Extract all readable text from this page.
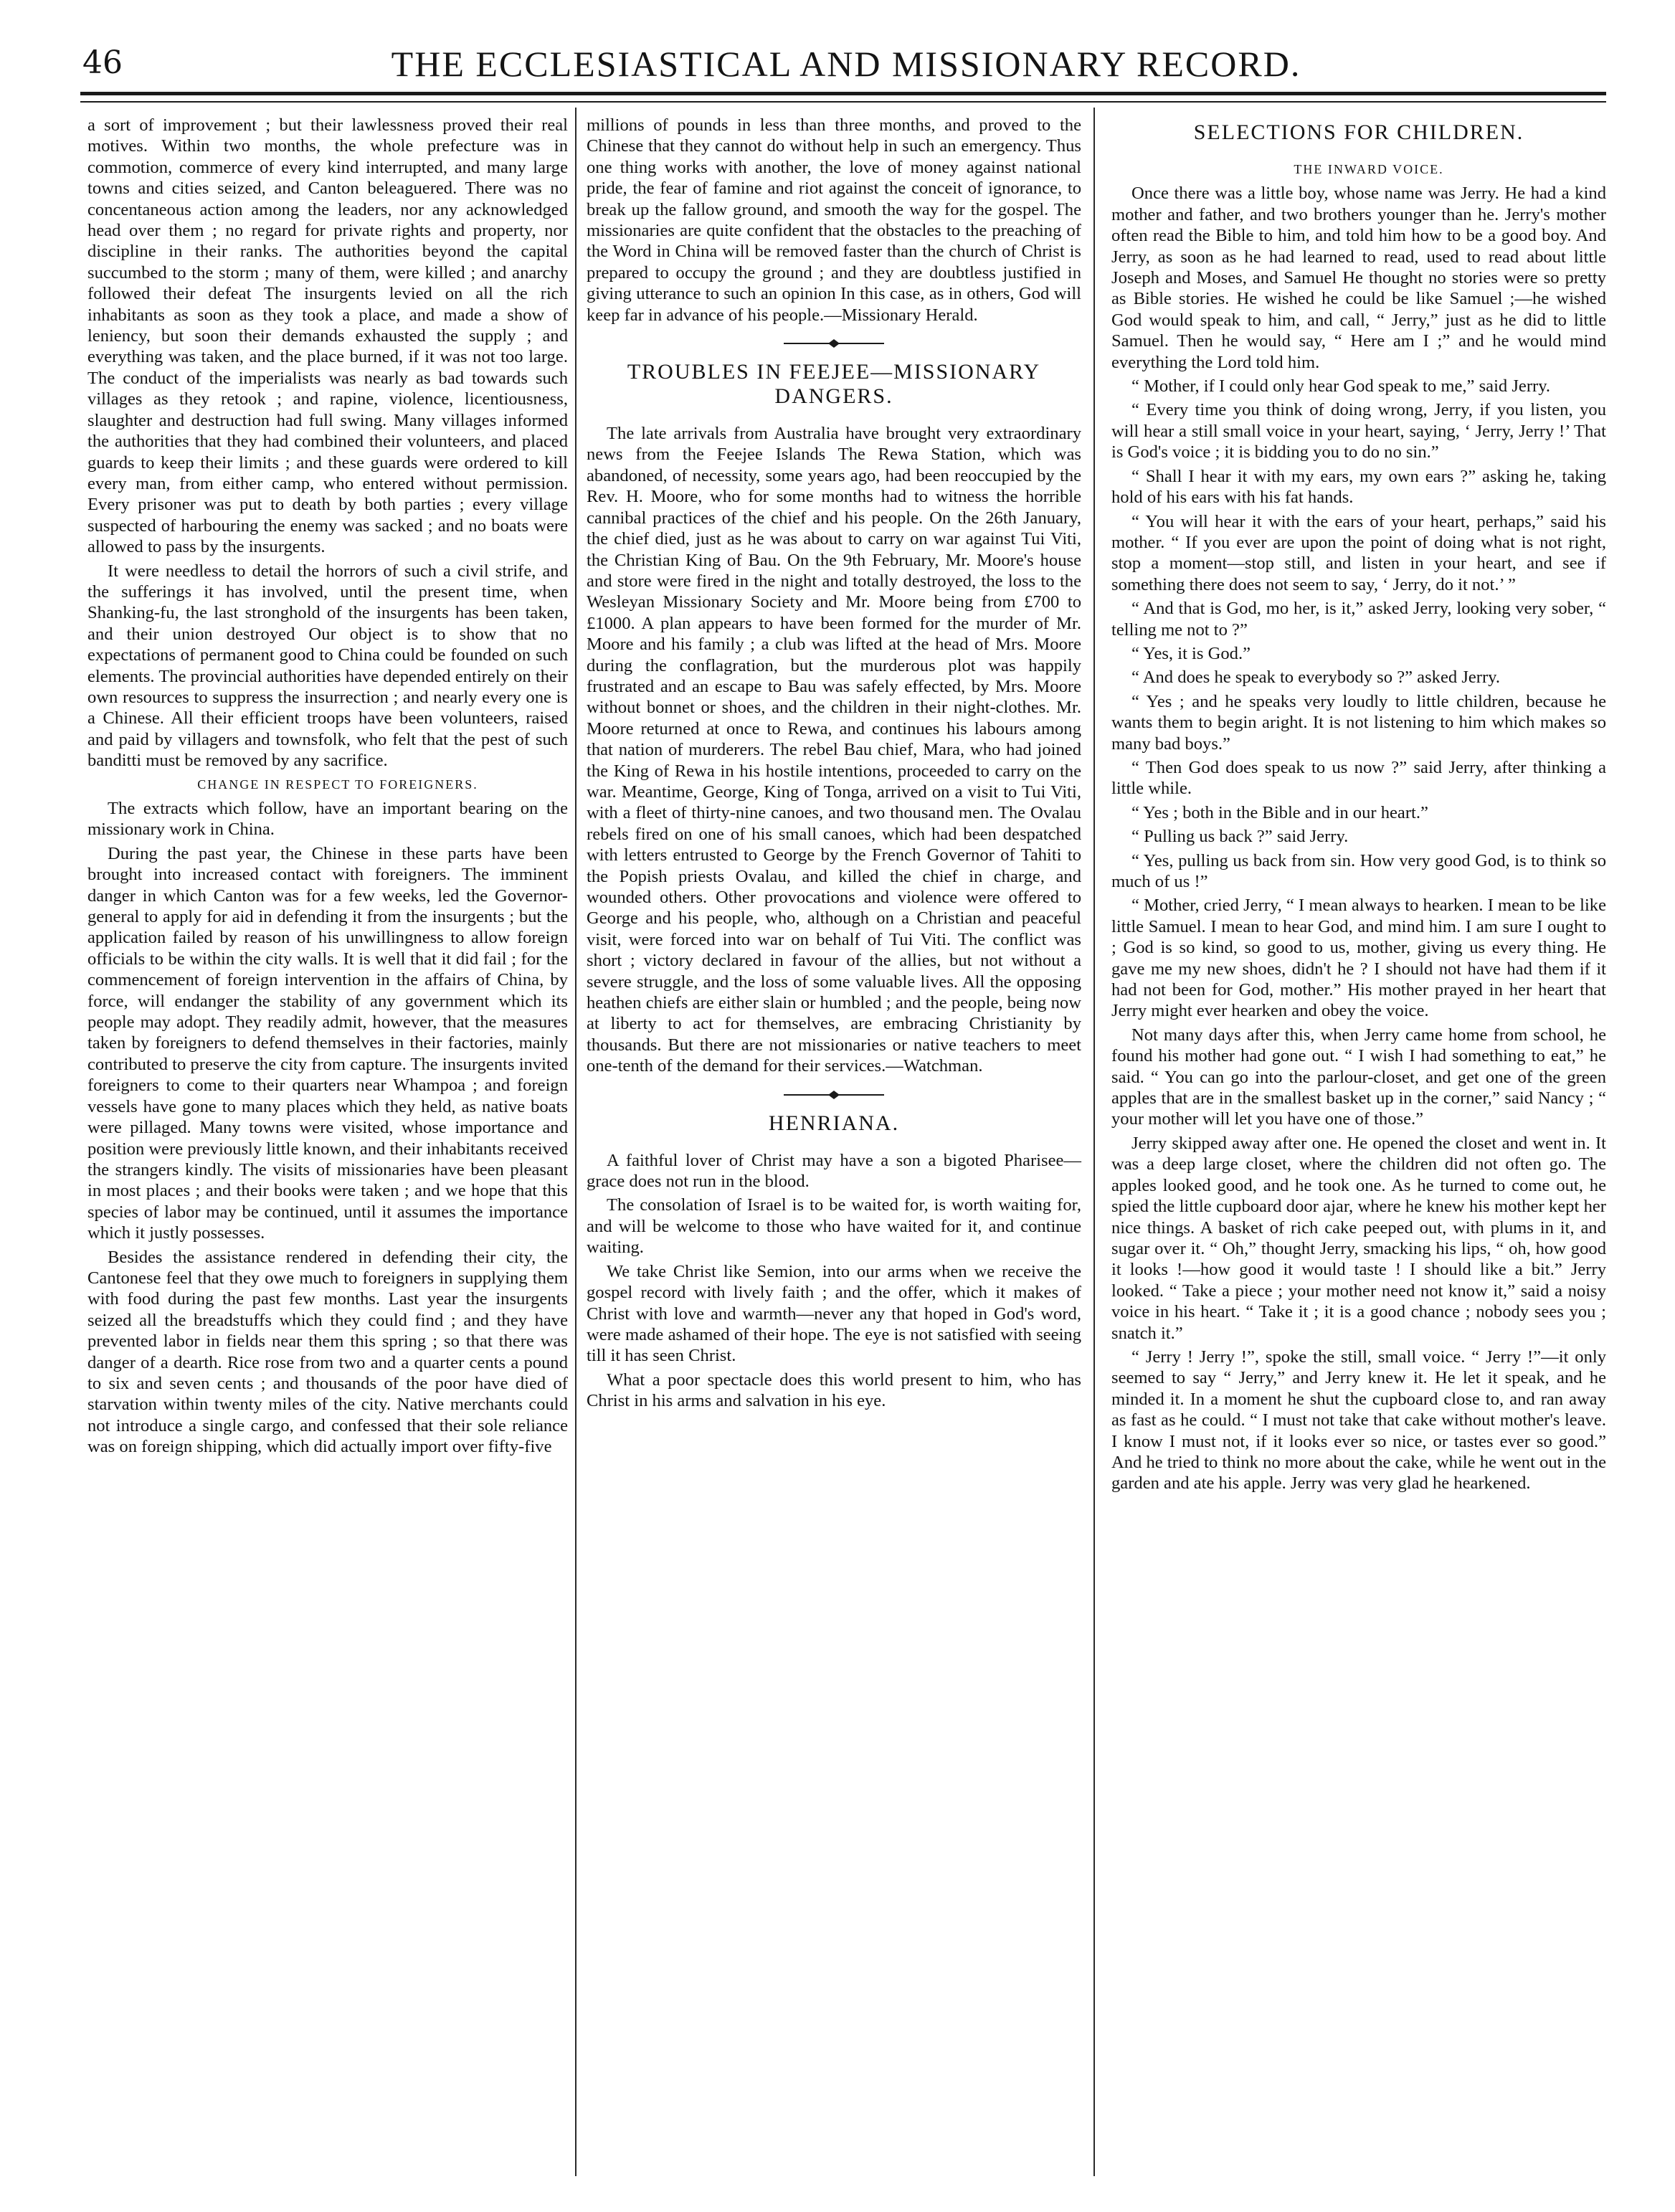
46	THE ECCLESIASTICAL AND MISSIONARY RECORD.

a sort of improvement ; but their lawlessness proved their real motives. Within two months, the whole prefecture was in commotion, commerce of every kind interrupted, and many large towns and cities seized, and Canton beleaguered. There was no concentaneous action among the leaders, nor any acknowledged head over them ; no regard for private rights and property, nor discipline in their ranks. The authorities beyond the capital succumbed to the storm ; many of them, were killed ; and anarchy followed their defeat The insurgents levied on all the rich inhabitants as soon as they took a place, and made a show of leniency, but soon their demands exhausted the supply ; and everything was taken, and the place burned, if it was not too large. The conduct of the imperialists was nearly as bad towards such villages as they retook ; and rapine, violence, licentiousness, slaughter and destruction had full swing. Many villages informed the authorities that they had combined their volunteers, and placed guards to keep their limits ; and these guards were ordered to kill every man, from either camp, who entered without permission. Every prisoner was put to death by both parties ; every village suspected of harbouring the enemy was sacked ; and no boats were allowed to pass by the insurgents.

It were needless to detail the horrors of such a civil strife, and the sufferings it has involved, until the present time, when Shanking-fu, the last stronghold of the insurgents has been taken, and their union destroyed Our object is to show that no expectations of permanent good to China could be founded on such elements. The provincial authorities have depended entirely on their own resources to suppress the insurrection ; and nearly every one is a Chinese. All their efficient troops have been volunteers, raised and paid by villagers and townsfolk, who felt that the pest of such banditti must be removed by any sacrifice.

CHANGE IN RESPECT TO FOREIGNERS.

The extracts which follow, have an important bearing on the missionary work in China.

During the past year, the Chinese in these parts have been brought into increased contact with foreigners. The imminent danger in which Canton was for a few weeks, led the Governor-general to apply for aid in defending it from the insurgents ; but the application failed by reason of his unwillingness to allow foreign officials to be within the city walls. It is well that it did fail ; for the commencement of foreign intervention in the affairs of China, by force, will endanger the stability of any government which its people may adopt. They readily admit, however, that the measures taken by foreigners to defend themselves in their factories, mainly contributed to preserve the city from capture. The insurgents invited foreigners to come to their quarters near Whampoa ; and foreign vessels have gone to many places which they held, as native boats were pillaged. Many towns were visited, whose importance and position were previously little known, and their inhabitants received the strangers kindly. The visits of missionaries have been pleasant in most places ; and their books were taken ; and we hope that this species of labor may be continued, until it assumes the importance which it justly possesses.

Besides the assistance rendered in defending their city, the Cantonese feel that they owe much to foreigners in supplying them with food during the past few months. Last year the insurgents seized all the breadstuffs which they could find ; and they have prevented labor in fields near them this spring ; so that there was danger of a dearth. Rice rose from two and a quarter cents a pound to six and seven cents ; and thousands of the poor have died of starvation within twenty miles of the city. Native merchants could not introduce a single cargo, and confessed that their sole reliance was on foreign shipping, which did actually import over fifty-five

millions of pounds in less than three months, and proved to the Chinese that they cannot do without help in such an emergency. Thus one thing works with another, the love of money against national pride, the fear of famine and riot against the conceit of ignorance, to break up the fallow ground, and smooth the way for the gospel. The missionaries are quite confident that the obstacles to the preaching of the Word in China will be removed faster than the church of Christ is prepared to occupy the ground ; and they are doubtless justified in giving utterance to such an opinion In this case, as in others, God will keep far in advance of his people.—Missionary Herald.

TROUBLES IN FEEJEE—MISSIONARY DANGERS.

The late arrivals from Australia have brought very extraordinary news from the Feejee Islands The Rewa Station, which was abandoned, of necessity, some years ago, had been reoccupied by the Rev. H. Moore, who for some months had to witness the horrible cannibal practices of the chief and his people. On the 26th January, the chief died, just as he was about to carry on war against Tui Viti, the Christian King of Bau. On the 9th February, Mr. Moore's house and store were fired in the night and totally destroyed, the loss to the Wesleyan Missionary Society and Mr. Moore being from £700 to £1000. A plan appears to have been formed for the murder of Mr. Moore and his family ; a club was lifted at the head of Mrs. Moore during the conflagration, but the murderous plot was happily frustrated and an escape to Bau was safely effected, by Mrs. Moore without bonnet or shoes, and the children in their night-clothes. Mr. Moore returned at once to Rewa, and continues his labours among that nation of murderers. The rebel Bau chief, Mara, who had joined the King of Rewa in his hostile intentions, proceeded to carry on the war. Meantime, George, King of Tonga, arrived on a visit to Tui Viti, with a fleet of thirty-nine canoes, and two thousand men. The Ovalau rebels fired on one of his small canoes, which had been despatched with letters entrusted to George by the French Governor of Tahiti to the Popish priests Ovalau, and killed the chief in charge, and wounded others. Other provocations and violence were offered to George and his people, who, although on a Christian and peaceful visit, were forced into war on behalf of Tui Viti. The conflict was short ; victory declared in favour of the allies, but not without a severe struggle, and the loss of some valuable lives. All the opposing heathen chiefs are either slain or humbled ; and the people, being now at liberty to act for themselves, are embracing Christianity by thousands. But there are not missionaries or native teachers to meet one-tenth of the demand for their services.—Watchman.

HENRIANA.

A faithful lover of Christ may have a son a bigoted Pharisee—grace does not run in the blood.

The consolation of Israel is to be waited for, is worth waiting for, and will be welcome to those who have waited for it, and continue waiting.

We take Christ like Semion, into our arms when we receive the gospel record with lively faith ; and the offer, which it makes of Christ with love and warmth—never any that hoped in God's word, were made ashamed of their hope. The eye is not satisfied with seeing till it has seen Christ.

What a poor spectacle does this world present to him, who has Christ in his arms and salvation in his eye.

SELECTIONS FOR CHILDREN.

THE INWARD VOICE.

Once there was a little boy, whose name was Jerry. He had a kind mother and father, and two brothers younger than he. Jerry's mother often read the Bible to him, and told him how to be a good boy. And Jerry, as soon as he had learned to read, used to read about little Joseph and Moses, and Samuel He thought no stories were so pretty as Bible stories. He wished he could be like Samuel ;—he wished God would speak to him, and call, “ Jerry,” just as he did to little Samuel. Then he would say, “ Here am I ;” and he would mind everything the Lord told him.

“ Mother, if I could only hear God speak to me,” said Jerry.

“ Every time you think of doing wrong, Jerry, if you listen, you will hear a still small voice in your heart, saying, ‘ Jerry, Jerry !’ That is God's voice ; it is bidding you to do no sin.”

“ Shall I hear it with my ears, my own ears ?” asking he, taking hold of his ears with his fat hands.

“ You will hear it with the ears of your heart, perhaps,” said his mother. “ If you ever are upon the point of doing what is not right, stop a moment—stop still, and listen in your heart, and see if something there does not seem to say, ‘ Jerry, do it not.’ ”

“ And that is God, mo her, is it,” asked Jerry, looking very sober, “ telling me not to ?”

“ Yes, it is God.”

“ And does he speak to everybody so ?” asked Jerry.

“ Yes ; and he speaks very loudly to little children, because he wants them to begin aright. It is not listening to him which makes so many bad boys.”

“ Then God does speak to us now ?” said Jerry, after thinking a little while.

“ Yes ; both in the Bible and in our heart.”

“ Pulling us back ?” said Jerry.

“ Yes, pulling us back from sin. How very good God, is to think so much of us !”

“ Mother, cried Jerry, “ I mean always to hearken. I mean to be like little Samuel. I mean to hear God, and mind him. I am sure I ought to ; God is so kind, so good to us, mother, giving us every thing. He gave me my new shoes, didn't he ? I should not have had them if it had not been for God, mother.” His mother prayed in her heart that Jerry might ever hearken and obey the voice.

Not many days after this, when Jerry came home from school, he found his mother had gone out. “ I wish I had something to eat,” he said. “ You can go into the parlour-closet, and get one of the green apples that are in the smallest basket up in the corner,” said Nancy ; “ your mother will let you have one of those.”

Jerry skipped away after one. He opened the closet and went in. It was a deep large closet, where the children did not often go. The apples looked good, and he took one. As he turned to come out, he spied the little cupboard door ajar, where he knew his mother kept her nice things. A basket of rich cake peeped out, with plums in it, and sugar over it. “ Oh,” thought Jerry, smacking his lips, “ oh, how good it looks !—how good it would taste ! I should like a bit.” Jerry looked. “ Take a piece ; your mother need not know it,” said a noisy voice in his heart. “ Take it ; it is a good chance ; nobody sees you ; snatch it.”

“ Jerry ! Jerry !”, spoke the still, small voice. “ Jerry !”—it only seemed to say “ Jerry,” and Jerry knew it. He let it speak, and he minded it. In a moment he shut the cupboard close to, and ran away as fast as he could. “ I must not take that cake without mother's leave. I know I must not, if it looks ever so nice, or tastes ever so good.” And he tried to think no more about the cake, while he went out in the garden and ate his apple. Jerry was very glad he hearkened.
